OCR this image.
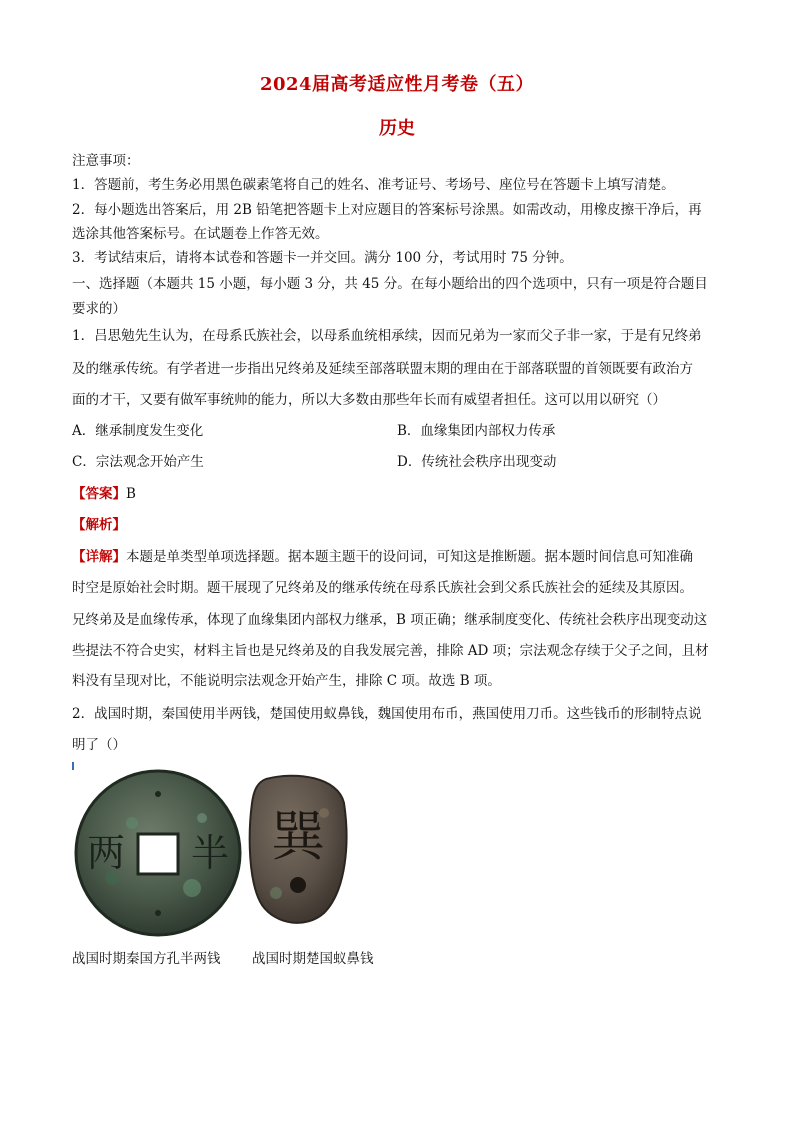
2024届高考适应性月考卷（五）
历史
注意事项：
1．答题前，考生务必用黑色碳素笔将自己的姓名、准考证号、考场号、座位号在答题卡上填写清楚。
2．每小题选出答案后，用 2B 铅笔把答题卡上对应题目的答案标号涂黑。如需改动，用橡皮擦干净后，再
选涂其他答案标号。在试题卷上作答无效。
3．考试结束后，请将本试卷和答题卡一并交回。满分 100 分，考试用时 75 分钟。
一、选择题（本题共 15 小题，每小题 3 分，共 45 分。在每小题给出的四个选项中，只有一项是符合题目
要求的）
1．吕思勉先生认为，在母系氏族社会，以母系血统相承续，因而兄弟为一家而父子非一家，于是有兄终弟
及的继承传统。有学者进一步指出兄终弟及延续至部落联盟末期的理由在于部落联盟的首领既要有政治方
面的才干，又要有做军事统帅的能力，所以大多数由那些年长而有威望者担任。这可以用以研究（）
A．继承制度发生变化	B．血缘集团内部权力传承
C．宗法观念开始产生	D．传统社会秩序出现变动
【答案】B
【解析】
【详解】本题是单类型单项选择题。据本题主题干的设问词，可知这是推断题。据本题时间信息可知准确
时空是原始社会时期。题干展现了兄终弟及的继承传统在母系氏族社会到父系氏族社会的延续及其原因。
兄终弟及是血缘传承，体现了血缘集团内部权力继承，B 项正确；继承制度变化、传统社会秩序出现变动这
些提法不符合史实，材料主旨也是兄终弟及的自我发展完善，排除 AD 项；宗法观念存续于父子之间，且材
料没有呈现对比，不能说明宗法观念开始产生，排除 C 项。故选 B 项。
2．战国时期，秦国使用半两钱，楚国使用蚁鼻钱，魏国使用布币，燕国使用刀币。这些钱币的形制特点说
明了（）
两 半 巽
战国时期秦国方孔半两钱 战国时期楚国蚁鼻钱
